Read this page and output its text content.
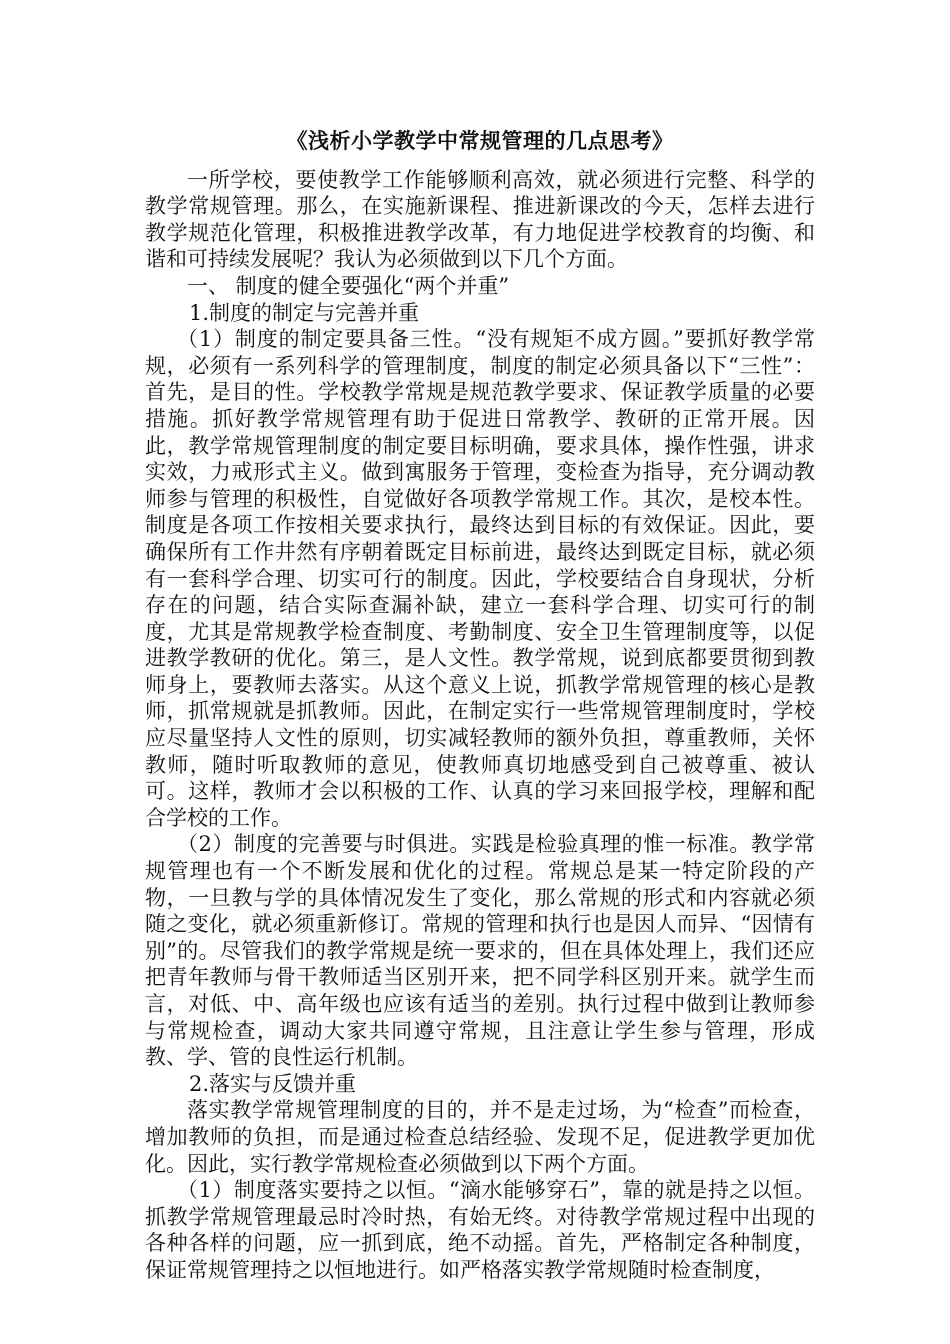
《浅析小学教学中常规管理的几点思考》

一所学校，要使教学工作能够顺利高效，就必须进行完整、科学的教学常规管理。那么，在实施新课程、推进新课改的今天，怎样去进行教学规范化管理，积极推进教学改革，有力地促进学校教育的均衡、和谐和可持续发展呢？我认为必须做到以下几个方面。

一、 制度的健全要强化“两个并重”

1.制度的制定与完善并重

（1）制度的制定要具备三性。“没有规矩不成方圆。”要抓好教学常规，必须有一系列科学的管理制度，制度的制定必须具备以下“三性”：首先，是目的性。学校教学常规是规范教学要求、保证教学质量的必要措施。抓好教学常规管理有助于促进日常教学、教研的正常开展。因此，教学常规管理制度的制定要目标明确，要求具体，操作性强，讲求实效，力戒形式主义。做到寓服务于管理，变检查为指导，充分调动教师参与管理的积极性，自觉做好各项教学常规工作。其次，是校本性。制度是各项工作按相关要求执行，最终达到目标的有效保证。因此，要确保所有工作井然有序朝着既定目标前进，最终达到既定目标，就必须有一套科学合理、切实可行的制度。因此，学校要结合自身现状，分析存在的问题，结合实际查漏补缺，建立一套科学合理、切实可行的制度，尤其是常规教学检查制度、考勤制度、安全卫生管理制度等，以促进教学教研的优化。第三，是人文性。教学常规，说到底都要贯彻到教师身上，要教师去落实。从这个意义上说，抓教学常规管理的核心是教师，抓常规就是抓教师。因此，在制定实行一些常规管理制度时，学校应尽量坚持人文性的原则，切实减轻教师的额外负担，尊重教师，关怀教师，随时听取教师的意见，使教师真切地感受到自己被尊重、被认可。这样，教师才会以积极的工作、认真的学习来回报学校，理解和配合学校的工作。

（2）制度的完善要与时俱进。实践是检验真理的惟一标准。教学常规管理也有一个不断发展和优化的过程。常规总是某一特定阶段的产物，一旦教与学的具体情况发生了变化，那么常规的形式和内容就必须随之变化，就必须重新修订。常规的管理和执行也是因人而异、“因情有别”的。尽管我们的教学常规是统一要求的，但在具体处理上，我们还应把青年教师与骨干教师适当区别开来，把不同学科区别开来。就学生而言，对低、中、高年级也应该有适当的差别。执行过程中做到让教师参与常规检查，调动大家共同遵守常规，且注意让学生参与管理，形成教、学、管的良性运行机制。

2.落实与反馈并重

落实教学常规管理制度的目的，并不是走过场，为“检查”而检查，增加教师的负担，而是通过检查总结经验、发现不足，促进教学更加优化。因此，实行教学常规检查必须做到以下两个方面。

（1）制度落实要持之以恒。“滴水能够穿石”，靠的就是持之以恒。抓教学常规管理最忌时冷时热，有始无终。对待教学常规过程中出现的各种各样的问题，应一抓到底，绝不动摇。首先，严格制定各种制度，保证常规管理持之以恒地进行。如严格落实教学常规随时检查制度，
